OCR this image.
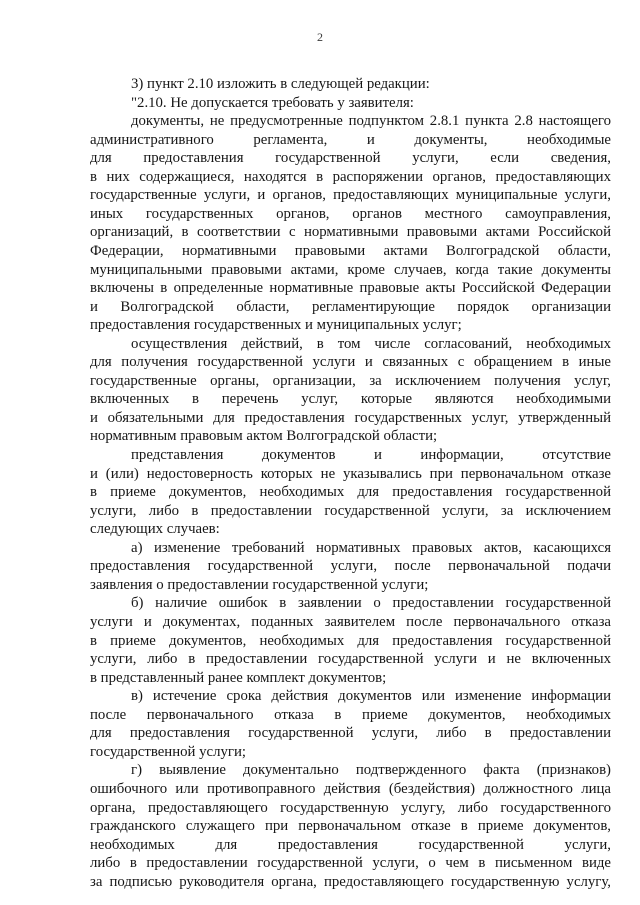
2
3) пункт 2.10 изложить в следующей редакции:
"2.10. Не допускается требовать у заявителя:
документы, не предусмотренные подпунктом 2.8.1 пункта 2.8 настоящего
административного регламента, и документы, необходимые
для предоставления государственной услуги, если сведения,
в них содержащиеся, находятся в распоряжении органов, предоставляющих
государственные услуги, и органов, предоставляющих муниципальные услуги,
иных государственных органов, органов местного самоуправления,
организаций, в соответствии с нормативными правовыми актами Российской
Федерации, нормативными правовыми актами Волгоградской области,
муниципальными правовыми актами, кроме случаев, когда такие документы
включены в определенные нормативные правовые акты Российской Федерации
и Волгоградской области, регламентирующие порядок организации
предоставления государственных и муниципальных услуг;
осуществления действий, в том числе согласований, необходимых
для получения государственной услуги и связанных с обращением в иные
государственные органы, организации, за исключением получения услуг,
включенных в перечень услуг, которые являются необходимыми
и обязательными для предоставления государственных услуг, утвержденный
нормативным правовым актом Волгоградской области;
представления документов и информации, отсутствие
и (или) недостоверность которых не указывались при первоначальном отказе
в приеме документов, необходимых для предоставления государственной
услуги, либо в предоставлении государственной услуги, за исключением
следующих случаев:
а) изменение требований нормативных правовых актов, касающихся
предоставления государственной услуги, после первоначальной подачи
заявления о предоставлении государственной услуги;
б) наличие ошибок в заявлении о предоставлении государственной
услуги и документах, поданных заявителем после первоначального отказа
в приеме документов, необходимых для предоставления государственной
услуги, либо в предоставлении государственной услуги и не включенных
в представленный ранее комплект документов;
в) истечение срока действия документов или изменение информации
после первоначального отказа в приеме документов, необходимых
для предоставления государственной услуги, либо в предоставлении
государственной услуги;
г) выявление документально подтвержденного факта (признаков)
ошибочного или противоправного действия (бездействия) должностного лица
органа, предоставляющего государственную услугу, либо государственного
гражданского служащего при первоначальном отказе в приеме документов,
необходимых для предоставления государственной услуги,
либо в предоставлении государственной услуги, о чем в письменном виде
за подписью руководителя органа, предоставляющего государственную услугу,
